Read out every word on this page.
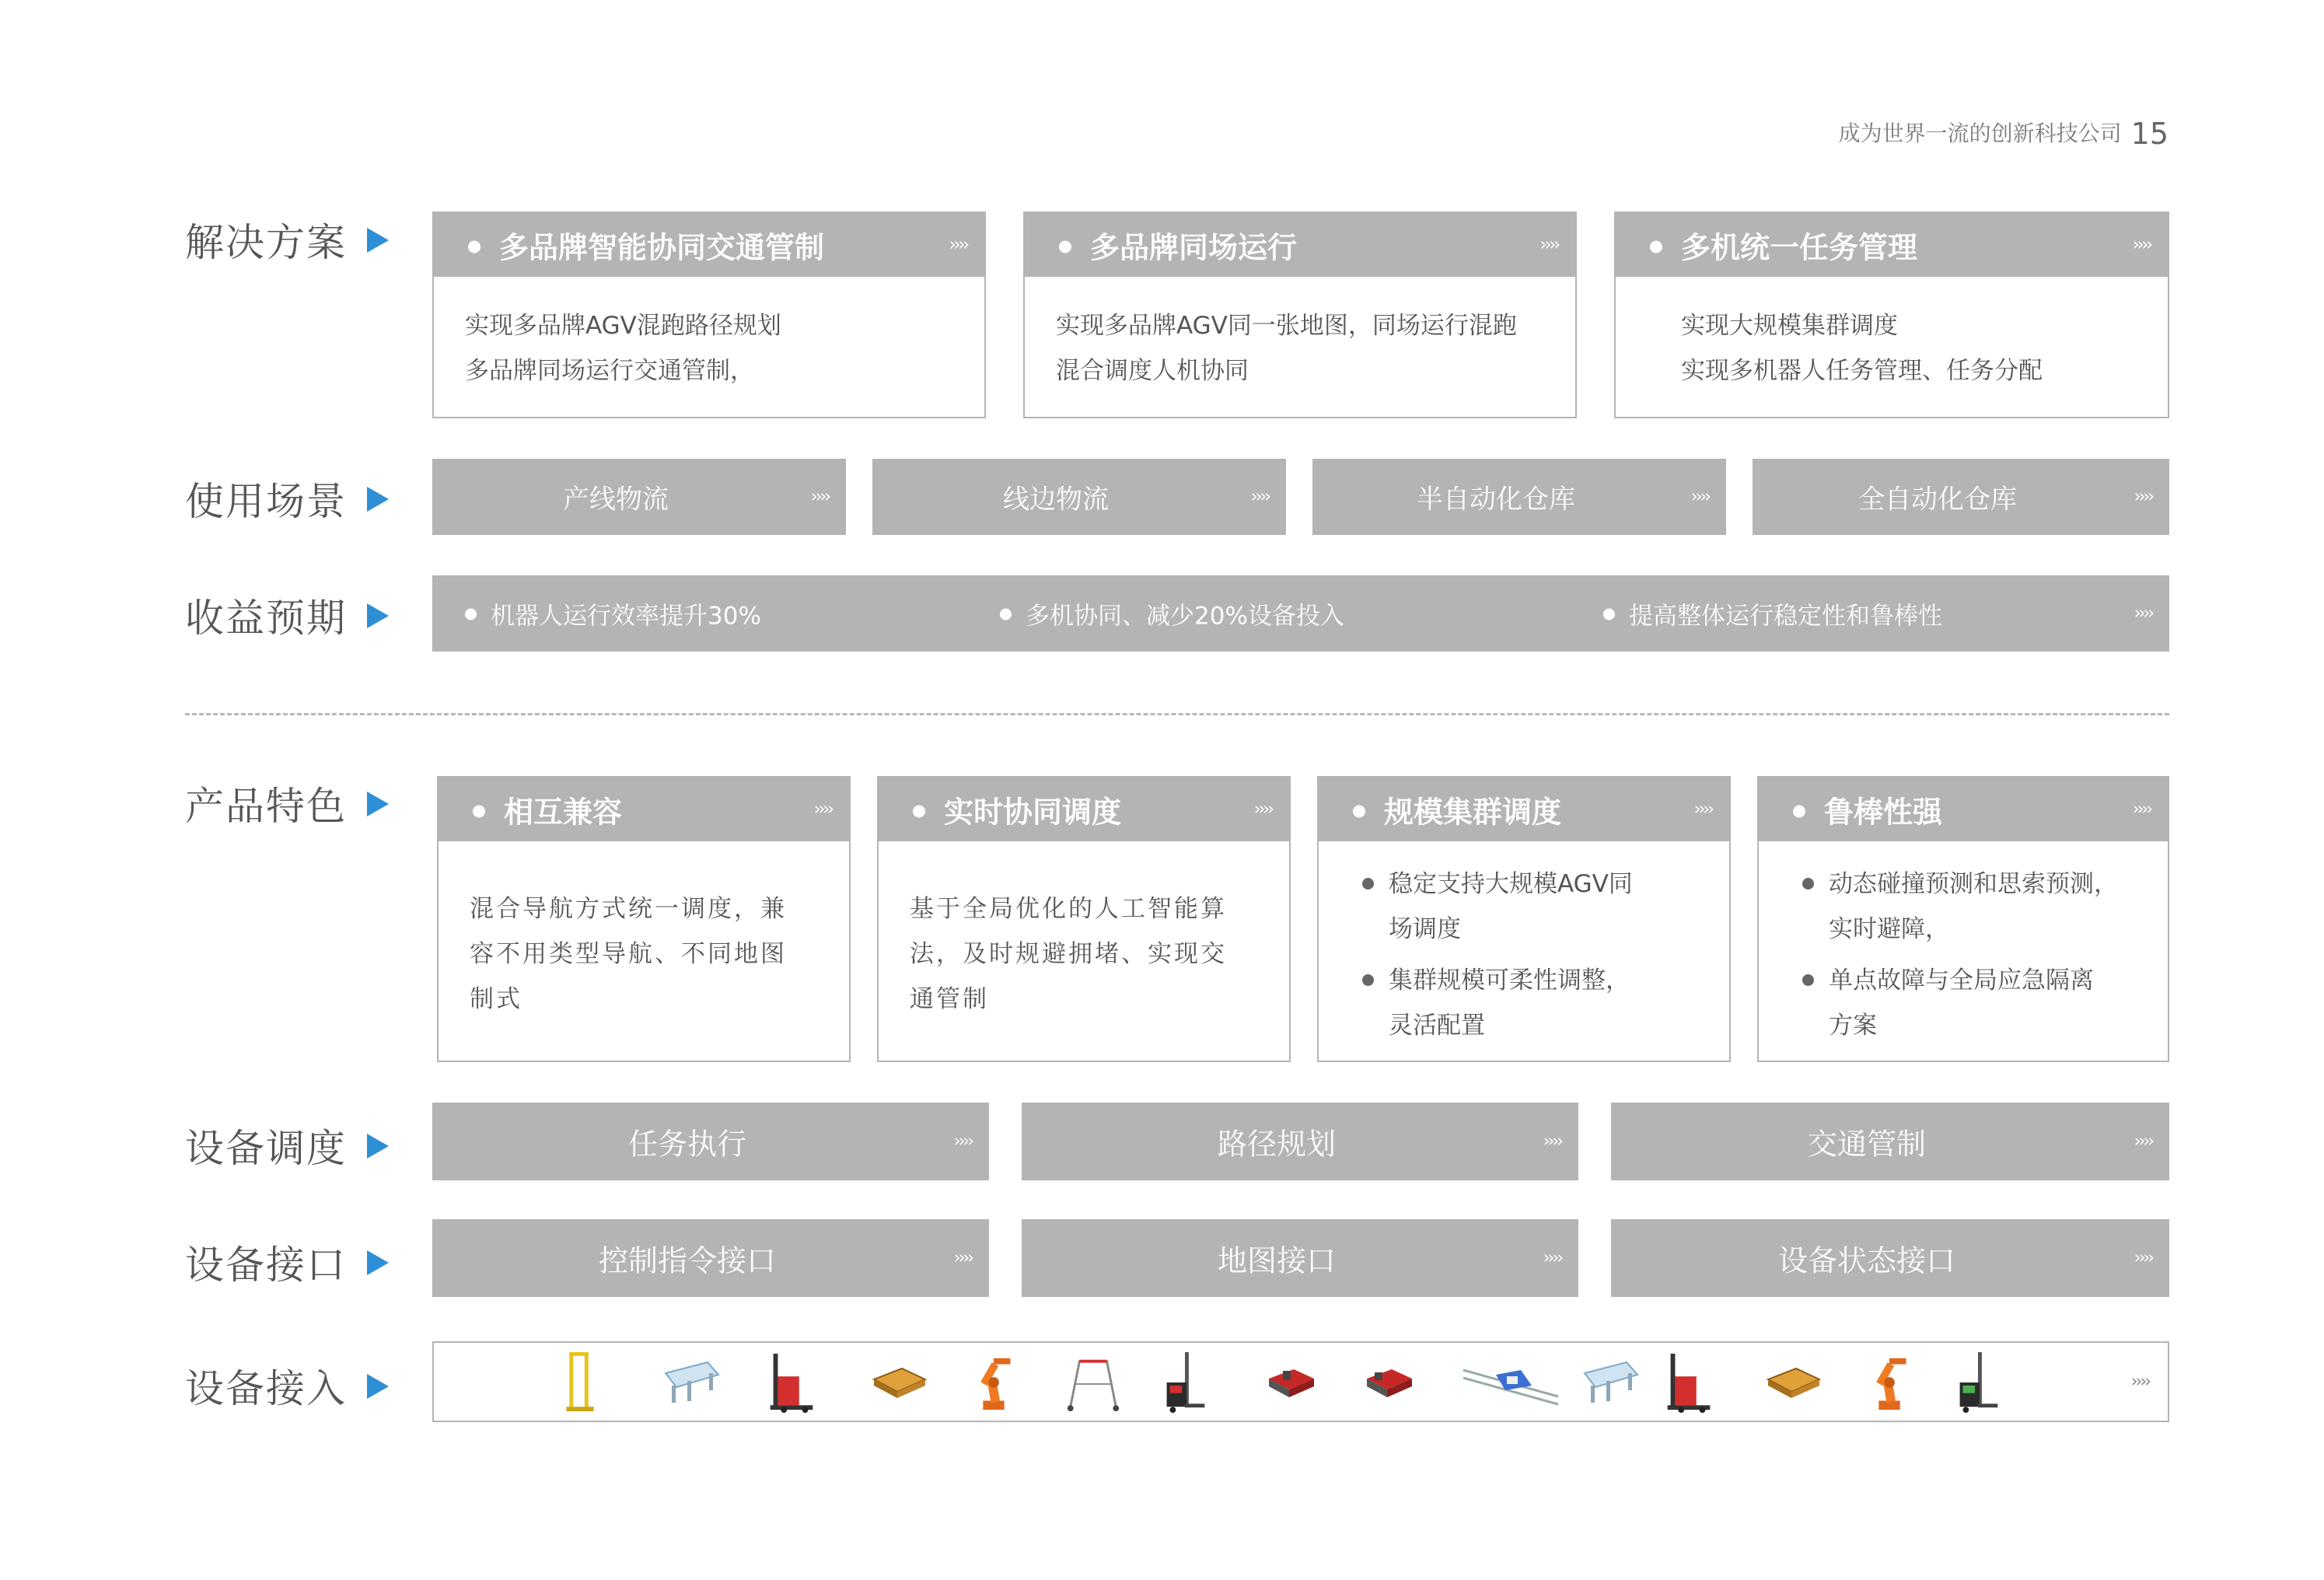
成为世界一流的创新科技公司 15
解决方案
使用场景
收益预期
产品特色
设备调度
设备接口
设备接入
多品牌智能协同交通管制	››››
实现多品牌AGV混跑路径规划
多品牌同场运行交通管制，
多品牌同场运行	››››
实现多品牌AGV同一张地图，同场运行混跑
混合调度人机协同
多机统一任务管理	››››
实现大规模集群调度
实现多机器人任务管理、任务分配
产线物流	››››	线边物流	››››	半自动化仓库	››››	全自动化仓库	››››
机器人运行效率提升30%	多机协同、减少20%设备投入	提高整体运行稳定性和鲁棒性	››››
相互兼容	››››
混合导航方式统一调度，兼
容不用类型导航、不同地图
制式
实时协同调度	››››
基于全局优化的人工智能算
法，及时规避拥堵、实现交
通管制
规模集群调度	››››
稳定支持大规模AGV同
场调度
集群规模可柔性调整，
灵活配置
鲁棒性强	››››
动态碰撞预测和思索预测，
实时避障，
单点故障与全局应急隔离
方案
任务执行	››››	路径规划	››››	交通管制	››››
控制指令接口	››››	地图接口	››››	设备状态接口	››››
››››
